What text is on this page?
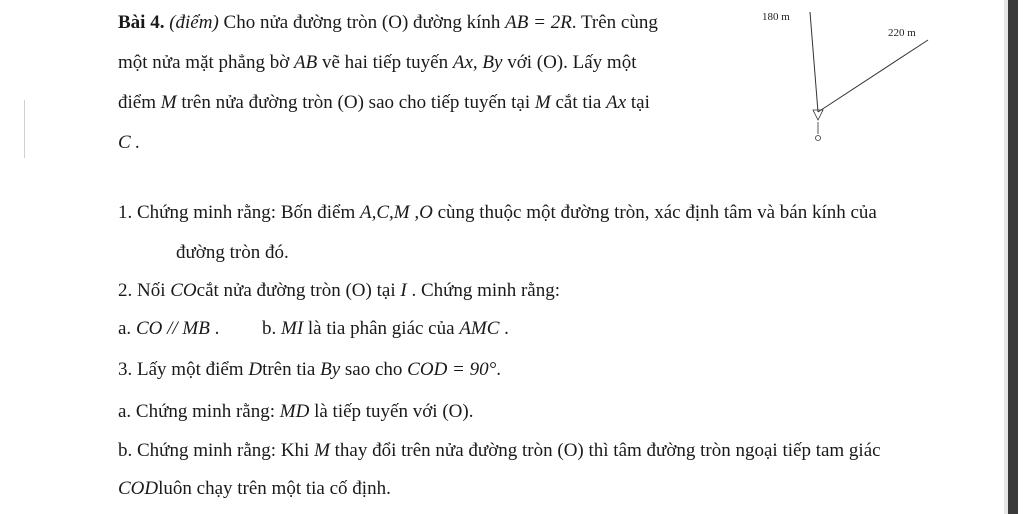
Bài 4. (điểm) Cho nửa đường tròn (O) đường kính AB = 2R. Trên cùng
một nửa mặt phẳng bờ AB vẽ hai tiếp tuyến Ax, By với (O). Lấy một
điểm M trên nửa đường tròn (O) sao cho tiếp tuyến tại M cắt tia Ax tại
C .
180 m
220 m
1. Chứng minh rằng: Bốn điểm A,C,M ,O cùng thuộc một đường tròn, xác định tâm và bán kính của
đường tròn đó.
2. Nối COcắt nửa đường tròn (O) tại I . Chứng minh rằng:
a. CO // MB . b. MI là tia phân giác của AMC .
3. Lấy một điểm Dtrên tia By sao cho COD = 90°.
a. Chứng minh rằng: MD là tiếp tuyến với (O).
b. Chứng minh rằng: Khi M thay đổi trên nửa đường tròn (O) thì tâm đường tròn ngoại tiếp tam giác
CODluôn chạy trên một tia cố định.
